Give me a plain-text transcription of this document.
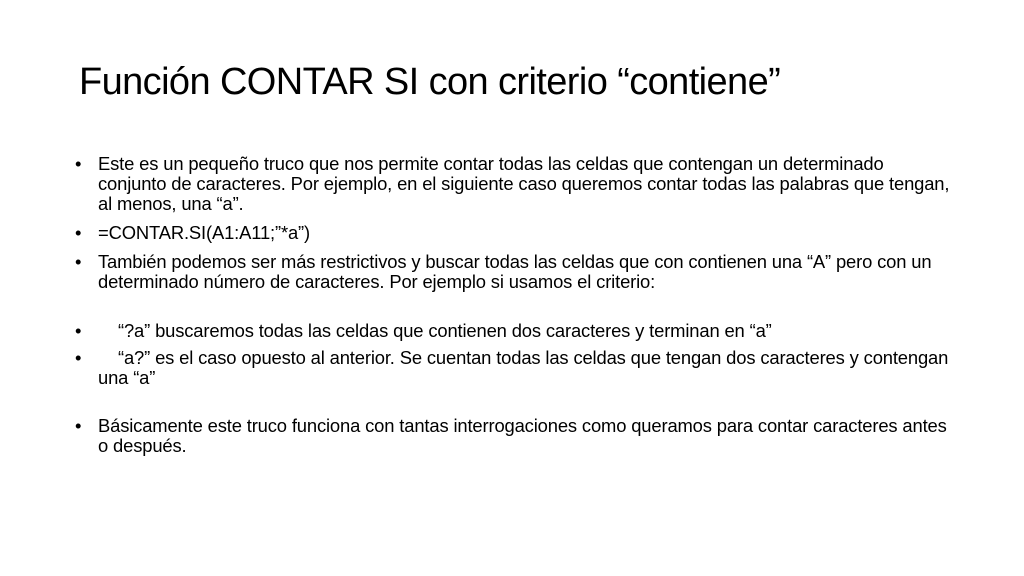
Función CONTAR SI con criterio “contiene”
• Este es un pequeño truco que nos permite contar todas las celdas que contengan un determinado conjunto de caracteres. Por ejemplo, en el siguiente caso queremos contar todas las palabras que tengan, al menos, una “a”.
• =CONTAR.SI(A1:A11;”*a”)
• También podemos ser más restrictivos y buscar todas las celdas que con contienen una “A” pero con un determinado número de caracteres. Por ejemplo si usamos el criterio:
•	“?a” buscaremos todas las celdas que contienen dos caracteres y terminan en “a”
•	“a?” es el caso opuesto al anterior. Se cuentan todas las celdas que tengan dos caracteres y contengan una “a”
• Básicamente este truco funciona con tantas interrogaciones como queramos para contar caracteres antes o después.
